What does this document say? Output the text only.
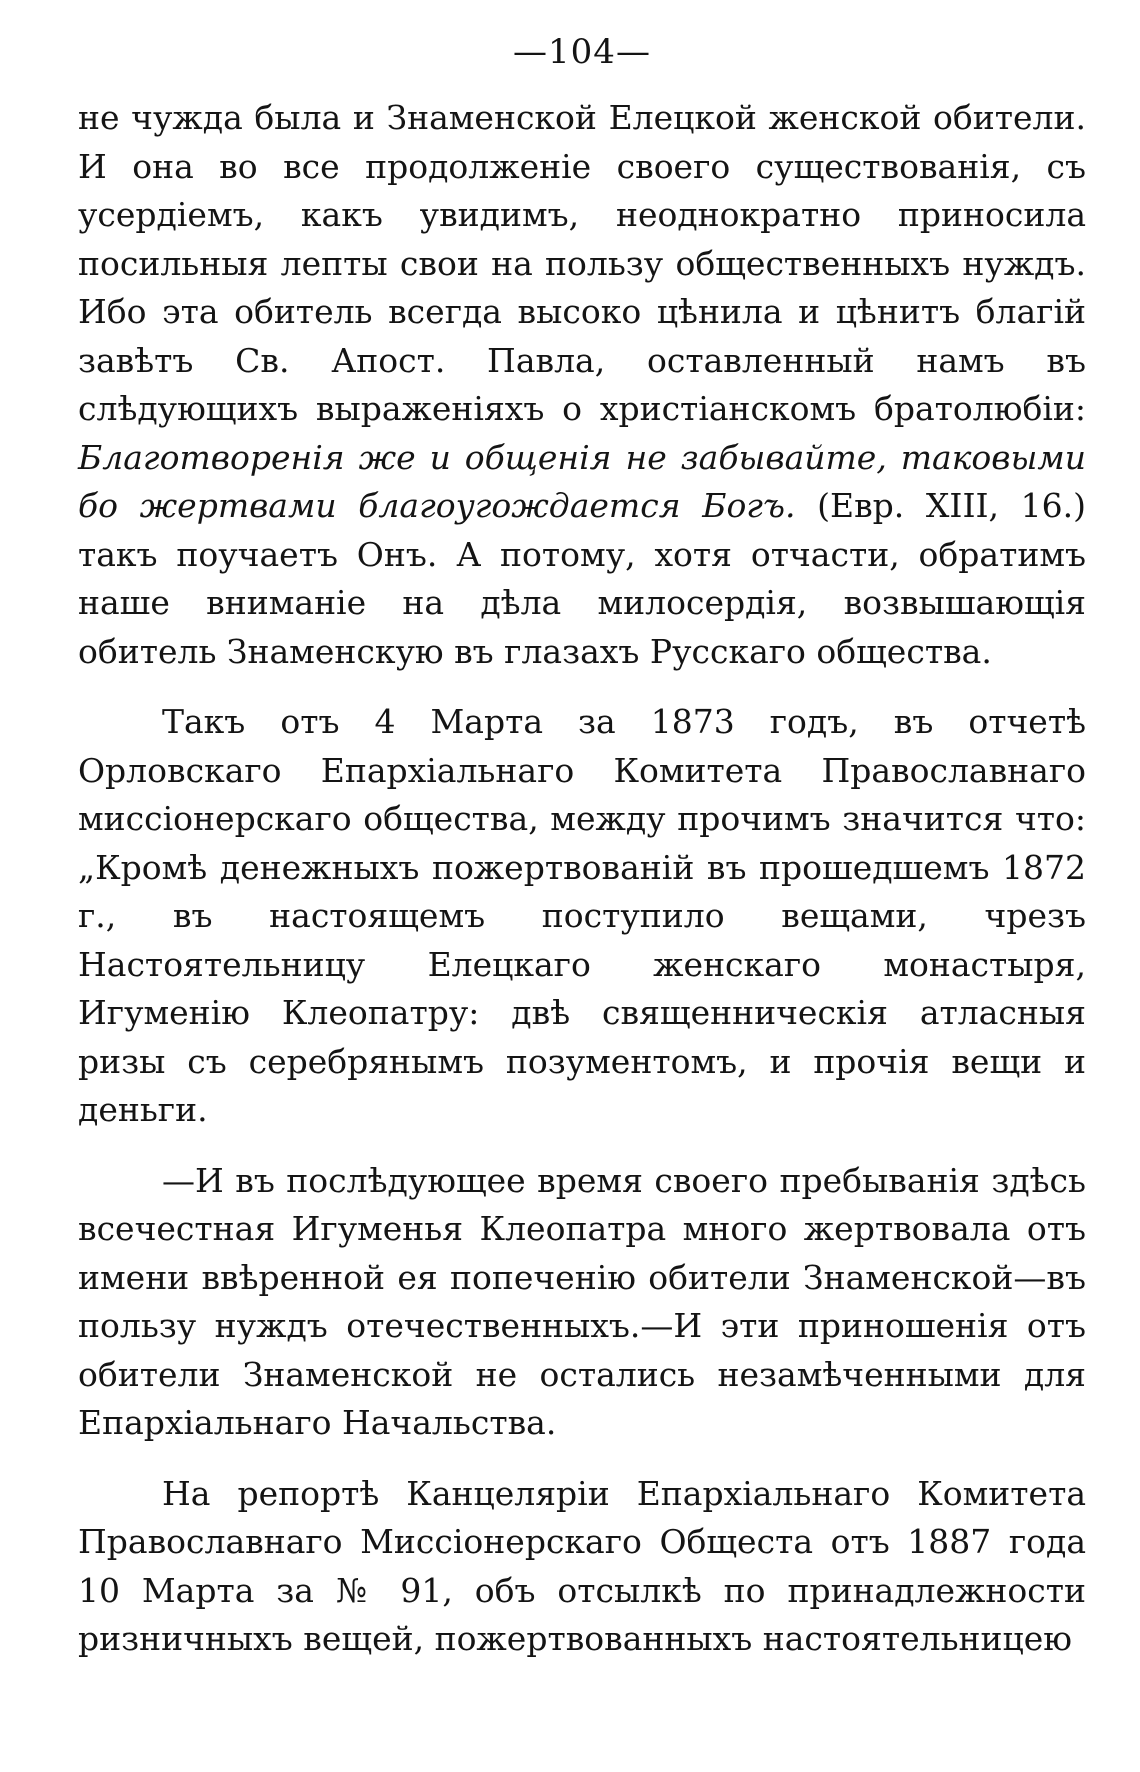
—104—

не чужда была и Знаменской Елецкой женской обители. И она во все продолженіе своего существованія, съ усердіемъ, какъ увидимъ, неоднократно приносила посильныя лепты свои на пользу общественныхъ нуждъ. Ибо эта обитель всегда высоко цѣнила и цѣнитъ благій завѣтъ Св. Апост. Павла, оставленный намъ въ слѣдующихъ выраженіяхъ о христіанскомъ братолюбіи: Благотворенія же и общенія не забывайте, таковыми бо жертвами благоугождается Богъ. (Евр. XIII, 16.) такъ поучаетъ Онъ. А потому, хотя отчасти, обратимъ наше вниманіе на дѣла милосердія, возвышающія обитель Знаменскую въ глазахъ Русскаго общества.

Такъ отъ 4 Марта за 1873 годъ, въ отчетѣ Орловскаго Епархіальнаго Комитета Православнаго миссіонерскаго общества, между прочимъ значится что: „Кромѣ денежныхъ пожертвованій въ прошедшемъ 1872 г., въ настоящемъ поступило вещами, чрезъ Настоятельницу Елецкаго женскаго монастыря, Игуменію Клеопатру: двѣ священническія атласныя ризы съ серебрянымъ позументомъ, и прочія вещи и деньги.

—И въ послѣдующее время своего пребыванія здѣсь всечестная Игуменья Клеопатра много жертвовала отъ имени ввѣренной ея попеченію обители Знаменской—въ пользу нуждъ отечественныхъ.—И эти приношенія отъ обители Знаменской не остались незамѣченными для Епархіальнаго Начальства.

На репортѣ Канцеляріи Епархіальнаго Комитета Православнаго Миссіонерскаго Общеста отъ 1887 года 10 Марта за № 91, объ отсылкѣ по принадлежности ризничныхъ вещей, пожертвованныхъ настоятельницею
